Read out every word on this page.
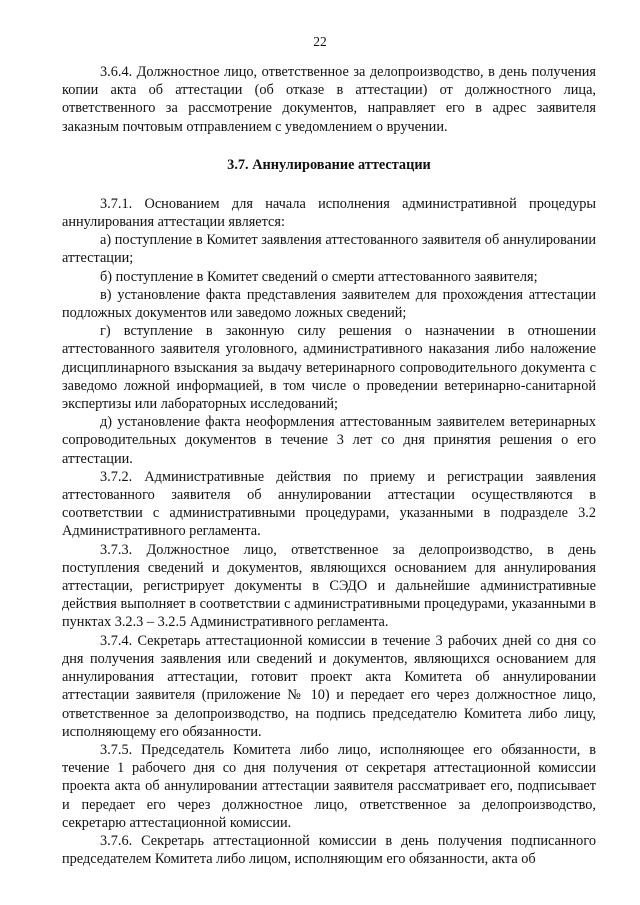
22

3.6.4. Должностное лицо, ответственное за делопроизводство, в день получения копии акта об аттестации (об отказе в аттестации) от должностного лица, ответственного за рассмотрение документов, направляет его в адрес заявителя заказным почтовым отправлением с уведомлением о вручении.

3.7. Аннулирование аттестации

3.7.1. Основанием для начала исполнения административной процедуры аннулирования аттестации является:

а) поступление в Комитет заявления аттестованного заявителя об аннулировании аттестации;

б) поступление в Комитет сведений о смерти аттестованного заявителя;

в) установление факта представления заявителем для прохождения аттестации подложных документов или заведомо ложных сведений;

г) вступление в законную силу решения о назначении в отношении аттестованного заявителя уголовного, административного наказания либо наложение дисциплинарного взыскания за выдачу ветеринарного сопроводительного документа с заведомо ложной информацией, в том числе о проведении ветеринарно-санитарной экспертизы или лабораторных исследований;

д) установление факта неоформления аттестованным заявителем ветеринарных сопроводительных документов в течение 3 лет со дня принятия решения о его аттестации.

3.7.2. Административные действия по приему и регистрации заявления аттестованного заявителя об аннулировании аттестации осуществляются в соответствии с административными процедурами, указанными в подразделе 3.2 Административного регламента.

3.7.3. Должностное лицо, ответственное за делопроизводство, в день поступления сведений и документов, являющихся основанием для аннулирования аттестации, регистрирует документы в СЭДО и дальнейшие административные действия выполняет в соответствии с административными процедурами, указанными в пунктах 3.2.3 – 3.2.5 Административного регламента.

3.7.4. Секретарь аттестационной комиссии в течение 3 рабочих дней со дня со дня получения заявления или сведений и документов, являющихся основанием для аннулирования аттестации, готовит проект акта Комитета об аннулировании аттестации заявителя (приложение № 10) и передает его через должностное лицо, ответственное за делопроизводство, на подпись председателю Комитета либо лицу, исполняющему его обязанности.

3.7.5. Председатель Комитета либо лицо, исполняющее его обязанности, в течение 1 рабочего дня со дня получения от секретаря аттестационной комиссии проекта акта об аннулировании аттестации заявителя рассматривает его, подписывает и передает его через должностное лицо, ответственное за делопроизводство, секретарю аттестационной комиссии.

3.7.6. Секретарь аттестационной комиссии в день получения подписанного председателем Комитета либо лицом, исполняющим его обязанности, акта об
